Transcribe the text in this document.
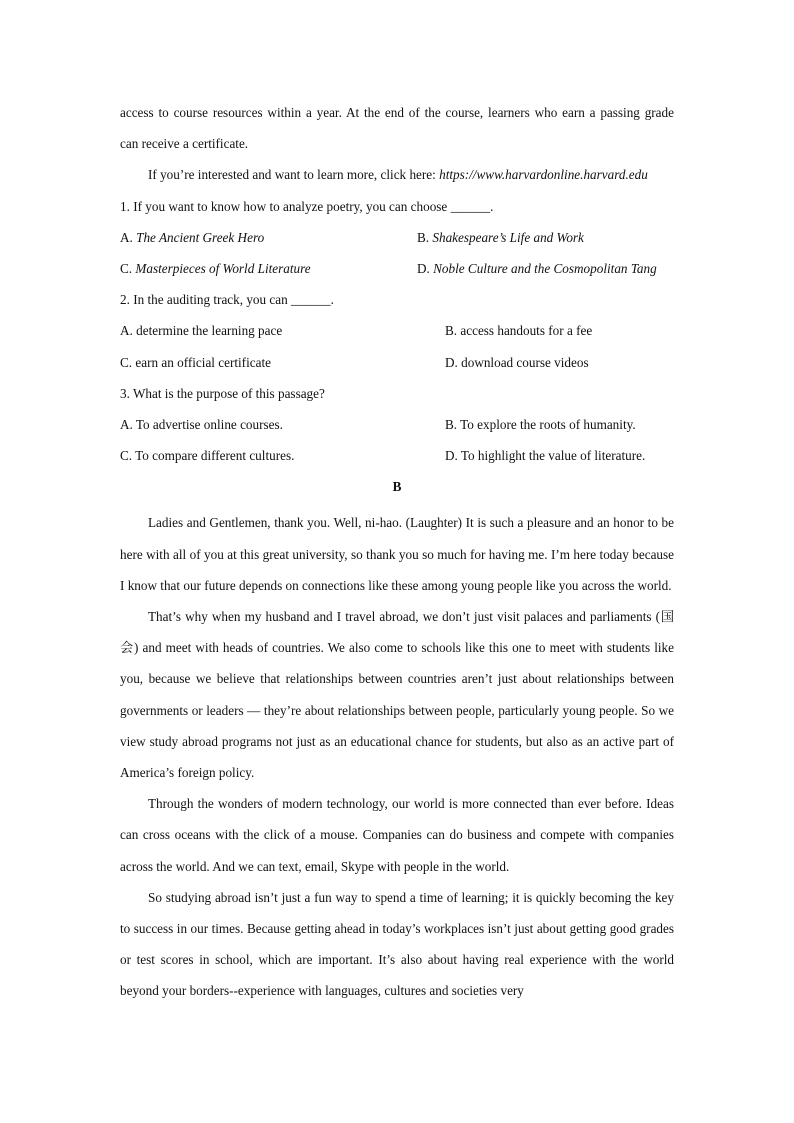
access to course resources within a year. At the end of the course, learners who earn a passing grade
can receive a certificate.
If you’re interested and want to learn more, click here: https://www.harvardonline.harvard.edu
1. If you want to know how to analyze poetry, you can choose ______.
A. The Ancient Greek Hero	B. Shakespeare’s Life and Work
C. Masterpieces of World Literature	D. Noble Culture and the Cosmopolitan Tang
2. In the auditing track, you can ______.
A. determine the learning pace	B. access handouts for a fee
C. earn an official certificate	D. download course videos
3. What is the purpose of this passage?
A. To advertise online courses.	B. To explore the roots of humanity.
C. To compare different cultures.	D. To highlight the value of literature.
B
Ladies and Gentlemen, thank you. Well, ni-hao. (Laughter) It is such a pleasure and an honor to be here with all of you at this great university, so thank you so much for having me. I’m here today because I know that our future depends on connections like these among young people like you across the world.
That’s why when my husband and I travel abroad, we don’t just visit palaces and parliaments (国会) and meet with heads of countries. We also come to schools like this one to meet with students like you, because we believe that relationships between countries aren’t just about relationships between governments or leaders — they’re about relationships between people, particularly young people. So we view study abroad programs not just as an educational chance for students, but also as an active part of America’s foreign policy.
Through the wonders of modern technology, our world is more connected than ever before. Ideas can cross oceans with the click of a mouse. Companies can do business and compete with companies across the world. And we can text, email, Skype with people in the world.
So studying abroad isn’t just a fun way to spend a time of learning; it is quickly becoming the key to success in our times. Because getting ahead in today’s workplaces isn’t just about getting good grades or test scores in school, which are important. It’s also about having real experience with the world beyond your borders--experience with languages, cultures and societies very
